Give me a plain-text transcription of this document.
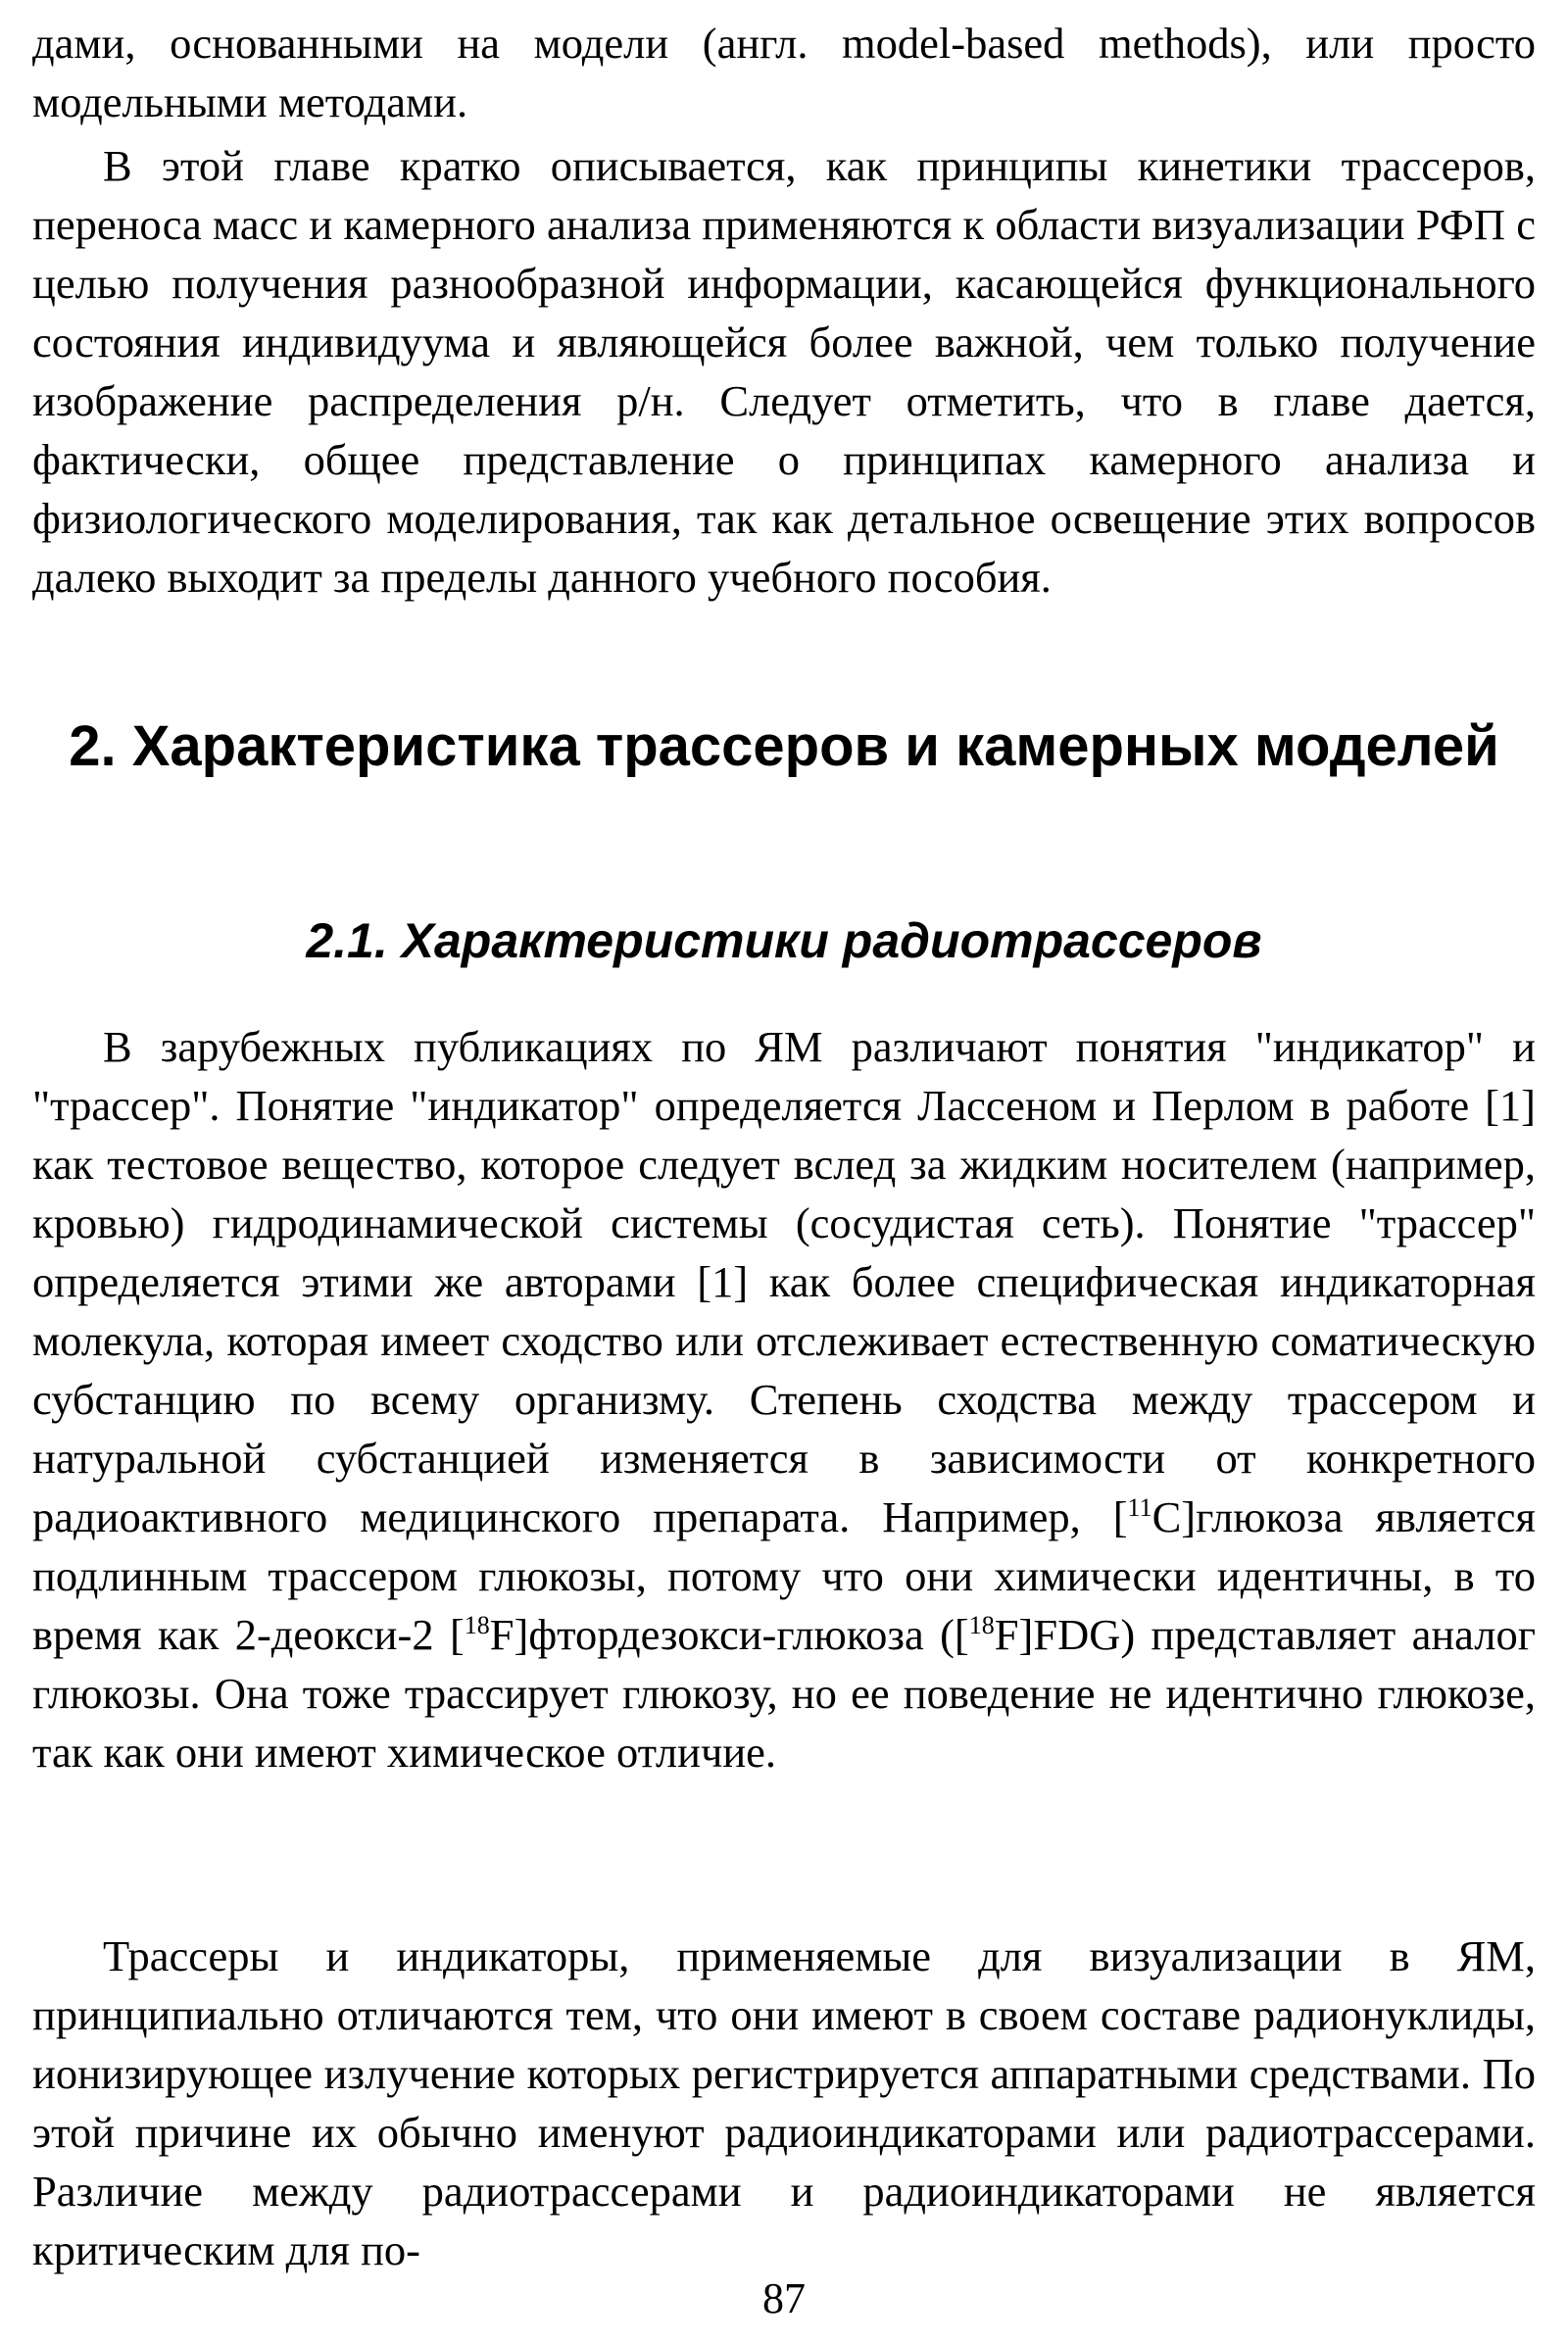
дами, основанными на модели (англ. model-based methods), или просто модельными методами.

В этой главе кратко описывается, как принципы кинетики трассеров, переноса масс и камерного анализа применяются к области визуализации РФП с целью получения разнообразной информации, касающейся функционального состояния индивидуума и являющейся более важной, чем только получение изображение распределения р/н. Следует отметить, что в главе дается, фактически, общее представление о принципах камерного анализа и физиологического моделирования, так как детальное освещение этих вопросов далеко выходит за пределы данного учебного пособия.

2. Характеристика трассеров и камерных моделей
2.1. Характеристики радиотрассеров

В зарубежных публикациях по ЯМ различают понятия "индикатор" и "трассер". Понятие "индикатор" определяется Лассеном и Перлом в работе [1] как тестовое вещество, которое следует вслед за жидким носителем (например, кровью) гидродинамической системы (сосудистая сеть). Понятие "трассер" определяется этими же авторами [1] как более специфическая индикаторная молекула, которая имеет сходство или отслеживает естественную соматическую субстанцию по всему организму. Степень сходства между трассером и натуральной субстанцией изменяется в зависимости от конкретного радиоактивного медицинского препарата. Например, [$^{11}$C]глюкоза является подлинным трассером глюкозы, потому что они химически идентичны, в то время как 2-деокси-2 [$^{18}$F]фтордезокси-глюкоза ([$^{18}$F]FDG) представляет аналог глюкозы. Она тоже трассирует глюкозу, но ее поведение не идентично глюкозе, так как они имеют химическое отличие.

Трассеры и индикаторы, применяемые для визуализации в ЯМ, принципиально отличаются тем, что они имеют в своем составе радионуклиды, ионизирующее излучение которых регистрируется аппаратными средствами. По этой причине их обычно именуют радиоиндикаторами или радиотрассерами. Различие между радиотрассерами и радиоиндикаторами не является критическим для по-

87
